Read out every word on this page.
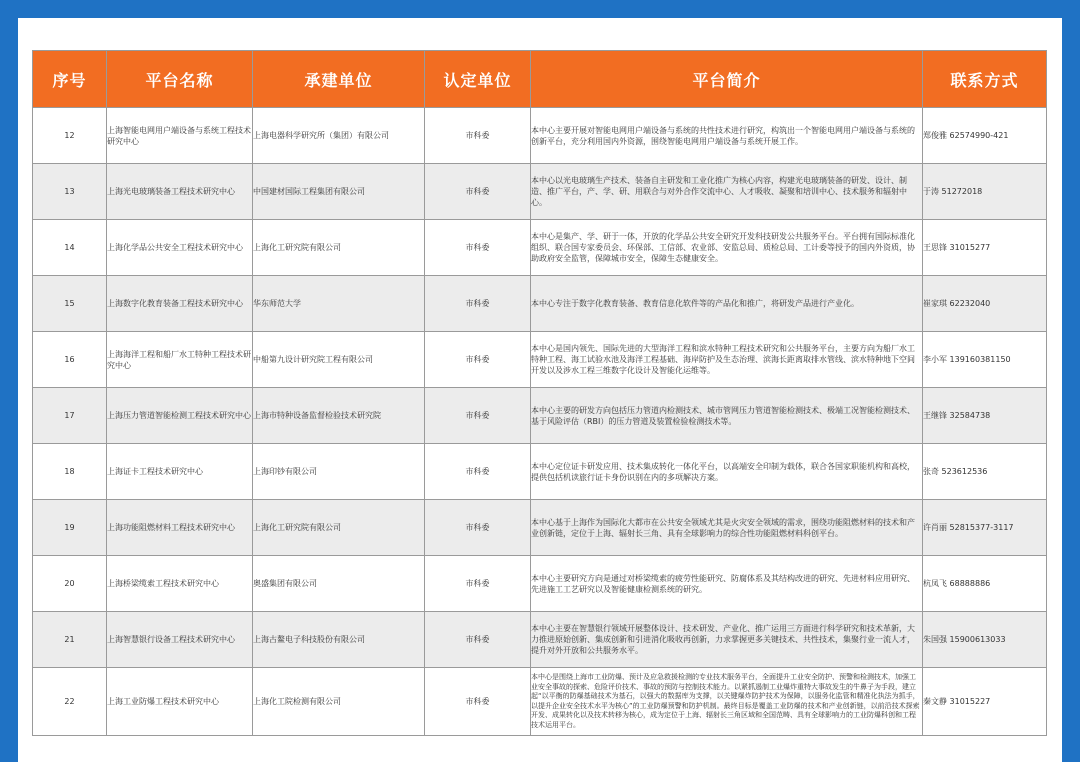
序号	平台名称	承建单位	认定单位	平台简介	联系方式
12	上海智能电网用户端设备与系统工程技术研究中心	上海电器科学研究所（集团）有限公司	市科委	本中心主要开展对智能电网用户端设备与系统的共性技术进行研究，构筑出一个智能电网用户端设备与系统的创新平台，充分利用国内外资源，围绕智能电网用户端设备与系统开展工作。	郑俊雅 62574990-421
13	上海光电玻璃装备工程技术研究中心	中国建材国际工程集团有限公司	市科委	本中心以光电玻璃生产技术、装备自主研发和工业化推广为核心内容，构建光电玻璃装备的研发、设计、制造、推广平台，产、学、研、用联合与对外合作交流中心、人才吸收、凝聚和培训中心、技术服务和辐射中心。	于涛 51272018
14	上海化学品公共安全工程技术研究中心	上海化工研究院有限公司	市科委	本中心是集产、学、研于一体，开放的化学品公共安全研究开发科技研发公共服务平台。平台拥有国际标准化组织、联合国专家委员会、环保部、工信部、农业部、安监总局、质检总局、工计委等授予的国内外资质，协助政府安全监管，保障城市安全，保障生态健康安全。	王思锋 31015277
15	上海数字化教育装备工程技术研究中心	华东师范大学	市科委	本中心专注于数字化教育装备、教育信息化软件等的产品化和推广，将研发产品进行产业化。	崔家琪 62232040
16	上海海洋工程和船厂水工特种工程技术研究中心	中船第九设计研究院工程有限公司	市科委	本中心是国内领先、国际先进的大型海洋工程和滨水特种工程技术研究和公共服务平台，主要方向为船厂水工特种工程、海工试验水池及海洋工程基础、海岸防护及生态治理、滨海长距离取排水管线、滨水特种地下空间开发以及涉水工程三维数字化设计及智能化运维等。	李小军 13916038115​0
17	上海压力管道智能检测工程技术研究中心	上海市特种设备监督检验技术研究院	市科委	本中心主要的研发方向包括压力管道内检测技术、城市管网压力管道智能检测技术、极端工况智能检测技术、基于风险评估（RBI）的压力管道及装置检验检测技术等。	王继锋 32584738
18	上海证卡工程技术研究中心	上海印钞有限公司	市科委	本中心定位证卡研发应用、技术集成转化一体化平台，以高端安全印制为载体，联合各国家职能机构和高校，提供包括机读旅行证卡身份识别在内的多项解决方案。	张奇 523612536
19	上海功能阻燃材料工程技术研究中心	上海化工研究院有限公司	市科委	本中心基于上海作为国际化大都市在公共安全领域尤其是火灾安全领域的需求，围绕功能阻燃材料的技术和产业创新链，定位于上海、辐射长三角、具有全球影响力的综合性功能阻燃材料科创平台。	许肖丽 52815377-3117
20	上海桥梁缆索工程技术研究中心	奥盛集团有限公司	市科委	本中心主要研究方向是通过对桥梁缆索的疲劳性能研究、防腐体系及其结构改进的研究、先进材料应用研究、先进施工工艺研究以及智能健康检测系统的研究。	杭凤飞 68888886
21	上海智慧银行设备工程技术研究中心	上海古鳌电子科技股份有限公司	市科委	本中心主要在智慧银行领域开展整体设计、技术研发、产业化、推广运用三方面进行科学研究和技术革新，大力推进原始创新、集成创新和引进消化吸收再创新，力求掌握更多关键技术、共性技术，集聚行业一流人才，提升对外开放和公共服务水平。	朱国强 15900613033
22	上海工业防爆工程技术研究中心	上海化工院检测有限公司	市科委	本中心是围绕上海市工业防爆、预计及应急救援检测的专业技术服务平台，全面提升工业安全防护、预警和检测技术，加强工业安全事故的探索、危险评价技术、事故的预防与控制技术能力。以紧抓遏制工业爆炸重特大事故发生的牛鼻子为手段，建立起“以平衡的防爆基础技术为基石，以强大的数据库为支撑，以关键爆炸防护技术为保障，以服务化监管和精准化执法为抓手，以提升企业安全技术水平为核心”的工业防爆预警和防护机制。最终目标是覆盖工业防爆的技术和产业创新链，以前沿技术探索开发、成果转化以及技术转移为核心，成为定位于上海、辐射长三角区域和全国范畴、具有全球影响力的工业防爆科创和工程技术运用平台。	秦文静 31015227
